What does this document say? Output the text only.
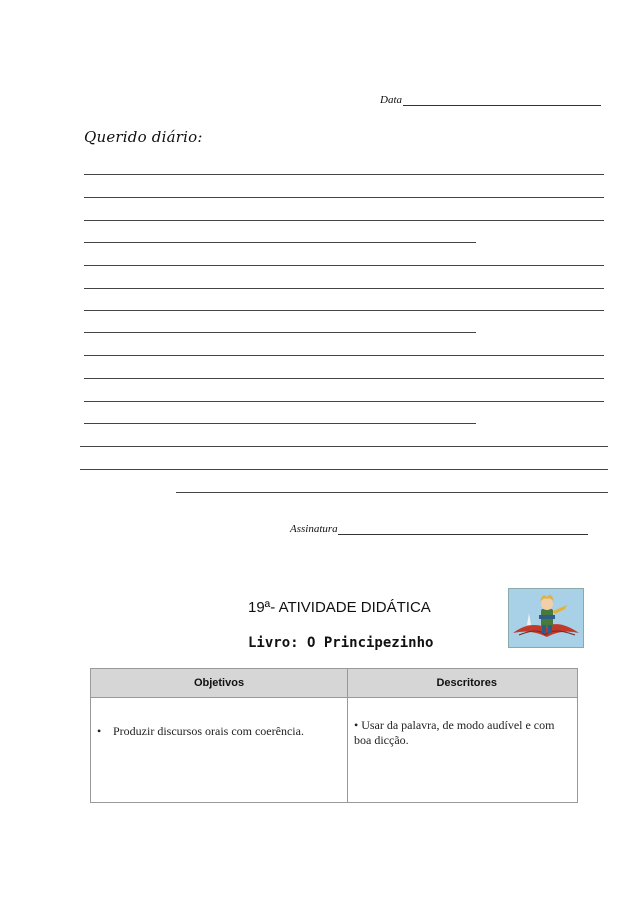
Data
Querido diário:
Assinatura
19ª- ATIVIDADE DIDÁTICA
Livro: O Principezinho
Objetivos	Descritores

• Produzir discursos orais com coerência.	• Usar da palavra, de modo audível e com boa dicção.
